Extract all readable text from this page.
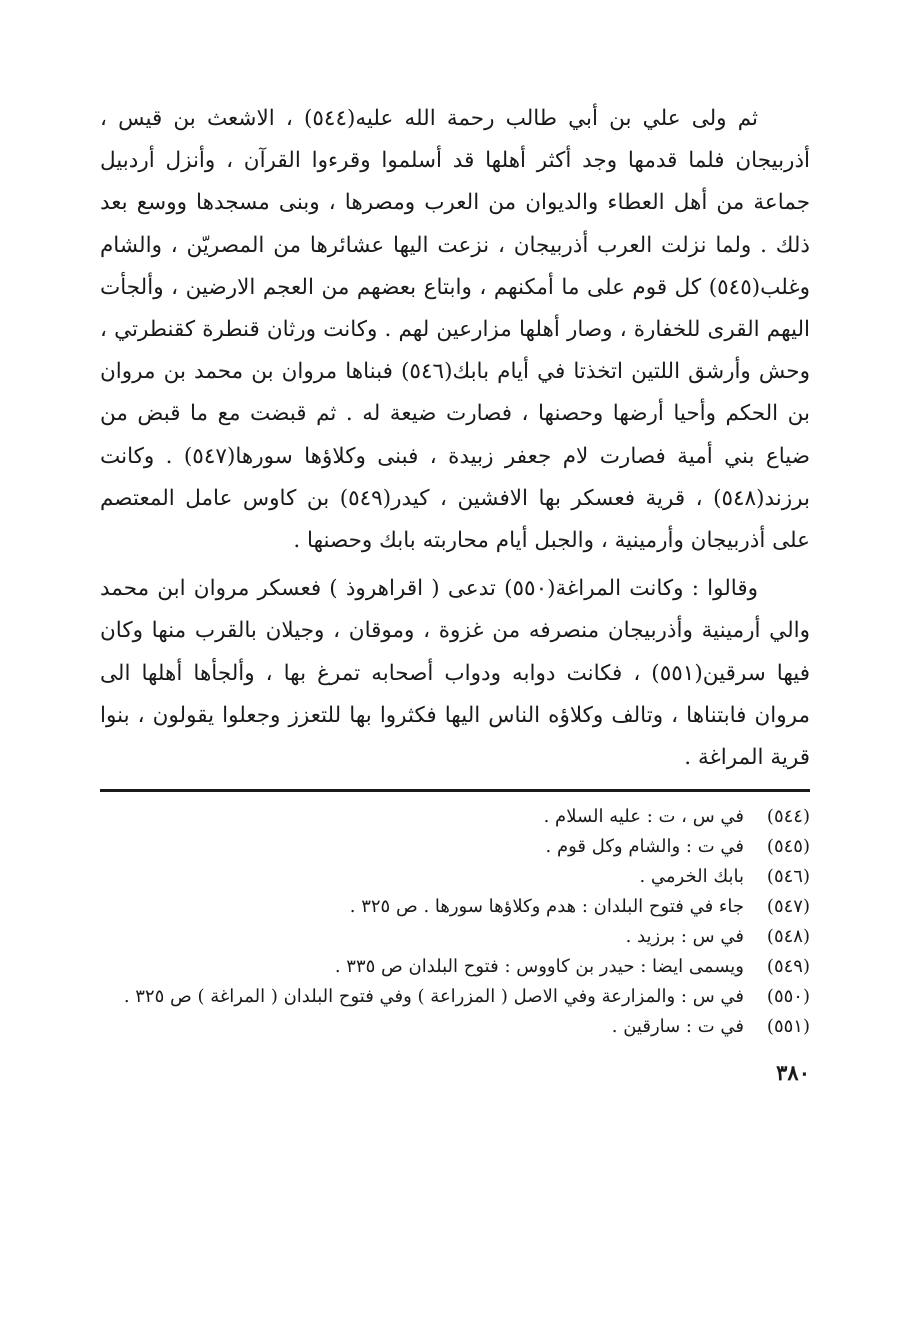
ثم ولى علي بن أبي طالب رحمة الله عليه(٥٤٤) ، الاشعث بن قيس ، أذربيجان فلما قدمها وجد أكثر أهلها قد أسلموا وقرءوا القرآن ، وأنزل أردبيل جماعة من أهل العطاء والديوان من العرب ومصرها ، وبنى مسجدها ووسع بعد ذلك . ولما نزلت العرب أذربيجان ، نزعت اليها عشائرها من المصريّن ، والشام وغلب(٥٤٥) كل قوم على ما أمكنهم ، وابتاع بعضهم من العجم الارضين ، وألجأت اليهم القرى للخفارة ، وصار أهلها مزارعين لهم . وكانت ورثان قنطرة كقنطرتي ، وحش وأرشق اللتين اتخذتا في أيام بابك(٥٤٦) فبناها مروان بن محمد بن مروان بن الحكم وأحيا أرضها وحصنها ، فصارت ضيعة له . ثم قبضت مع ما قبض من ضياع بني أمية فصارت لام جعفر زبيدة ، فبنى وكلاؤها سورها(٥٤٧) . وكانت برزند(٥٤٨) ، قرية فعسكر بها الافشين ، كيدر(٥٤٩) بن كاوس عامل المعتصم على أذربيجان وأرمينية ، والجبل أيام محاربته بابك وحصنها .

وقالوا : وكانت المراغة(٥٥٠) تدعى ( اقراهروذ ) فعسكر مروان ابن محمد والي أرمينية وأذربيجان منصرفه من غزوة ، وموقان ، وجيلان بالقرب منها وكان فيها سرقين(٥٥١) ، فكانت دوابه ودواب أصحابه تمرغ بها ، وألجأها أهلها الى مروان فابتناها ، وتالف وكلاؤه الناس اليها فكثروا بها للتعزز وجعلوا يقولون ، بنوا قرية المراغة .

(٥٤٤)
في س ، ت : عليه السلام .
(٥٤٥)
في ت : والشام وكل قوم .
(٥٤٦)
بابك الخرمي .
(٥٤٧)
جاء في فتوح البلدان : هدم وكلاؤها سورها . ص ٣٢٥ .
(٥٤٨)
في س : برزيد .
(٥٤٩)
ويسمى ايضا : حيدر بن كاووس : فتوح البلدان ص ٣٣٥ .
(٥٥٠)
في س : والمزارعة وفي الاصل ( المزراعة ) وفي فتوح البلدان ( المراغة ) ص ٣٢٥ .
(٥٥١)
في ت : سارقين .
٣٨٠
